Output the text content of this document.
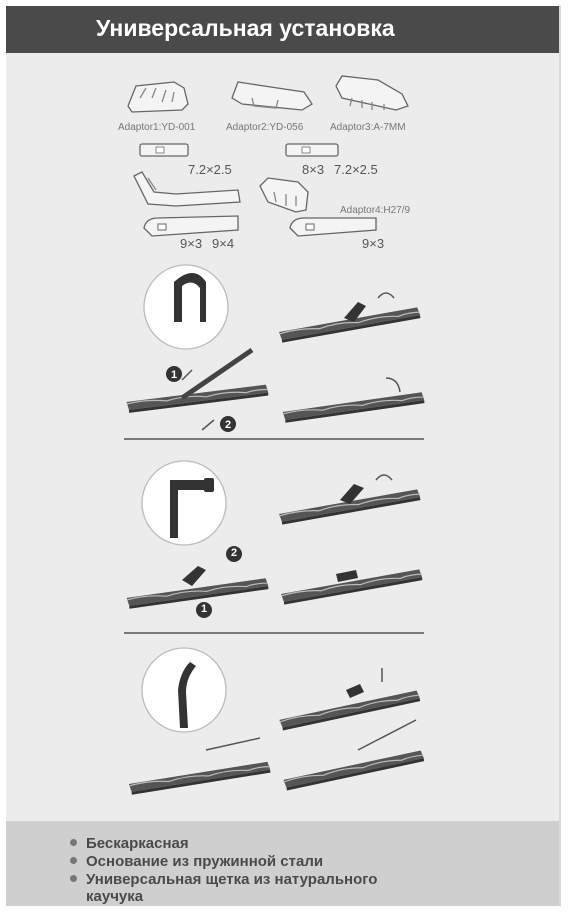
Универсальная установка
1
2
Adaptor1:YD-001	Adaptor2:YD-056	Adaptor3:A-7MM
Adaptor4:H27/9
7.2×2.5	8×3 7.2×2.5
9×3 9×4	9×3
2
1
Бескаркасная
Основание из пружинной стали
Универсальная щетка из натурального
каучука
